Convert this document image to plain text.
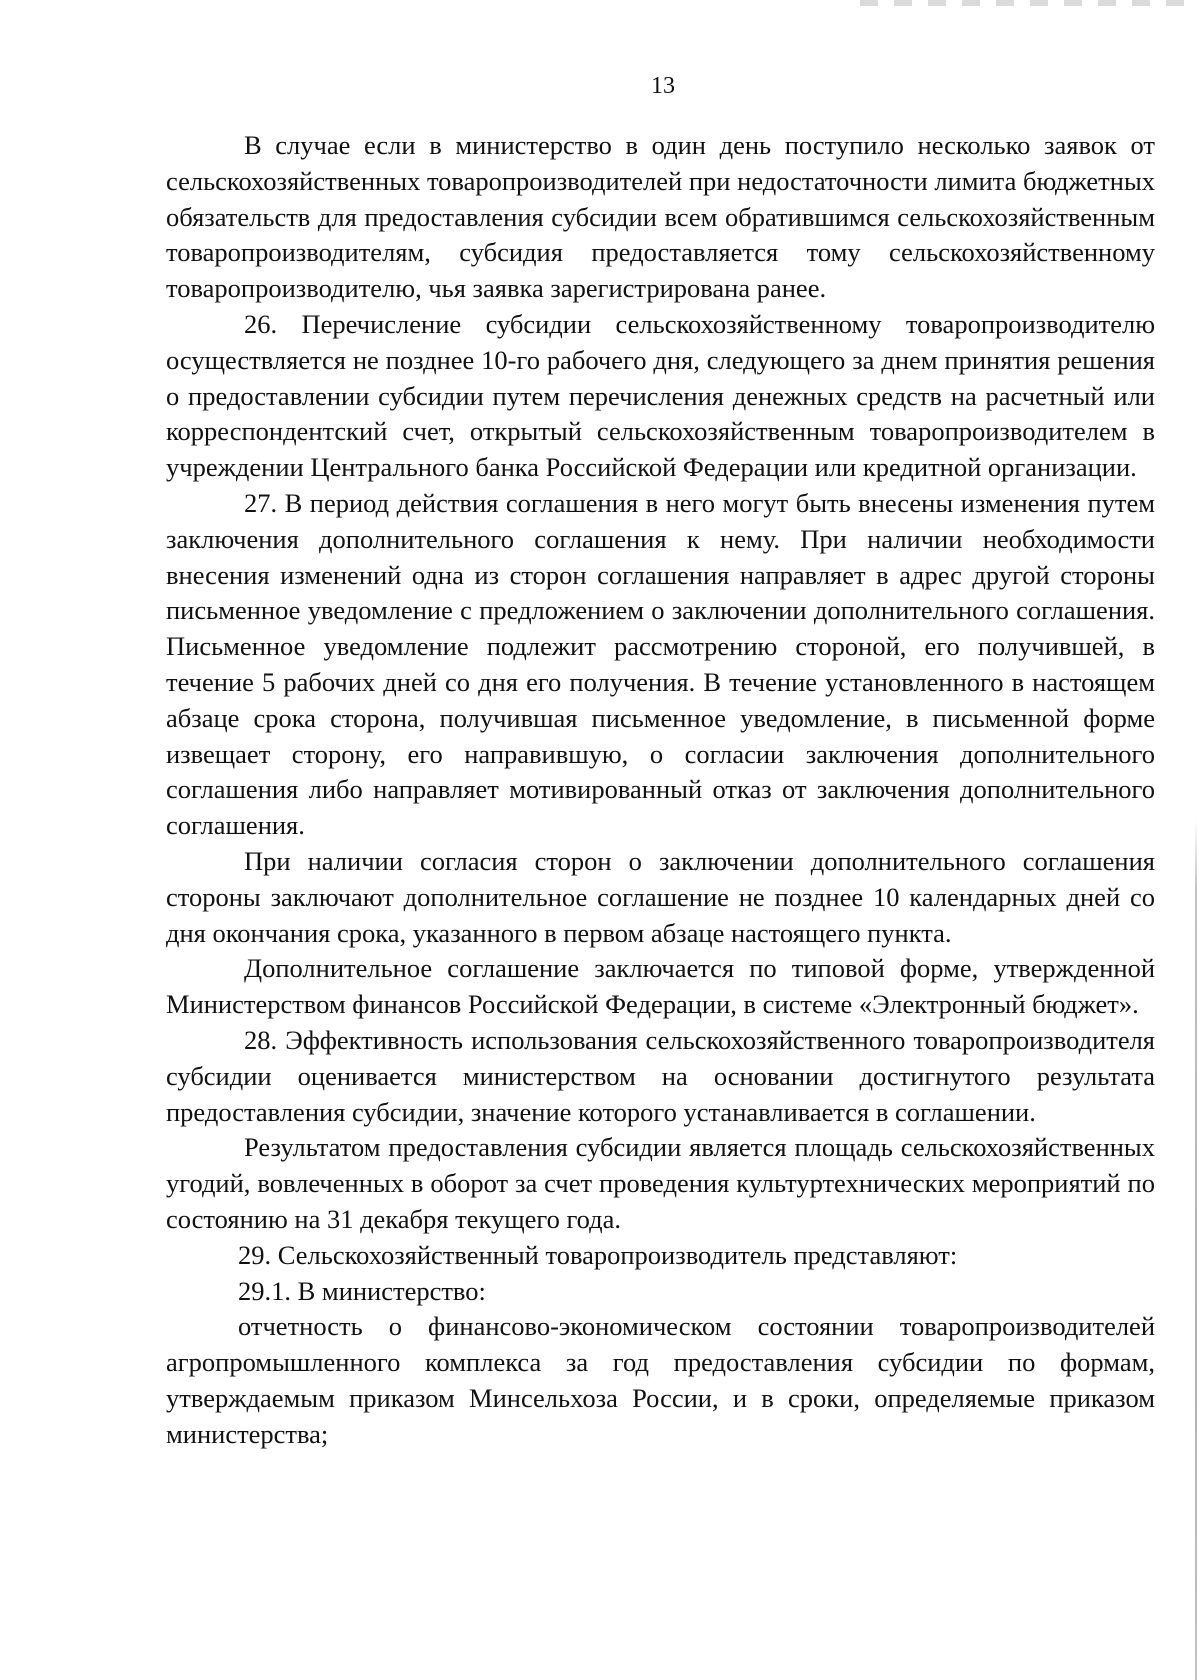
13

В случае если в министерство в один день поступило несколько заявок от сельскохозяйственных товаропроизводителей при недостаточности лимита бюджетных обязательств для предоставления субсидии всем обратившимся сельскохозяйственным товаропроизводителям, субсидия предоставляется тому сельскохозяйственному товаропроизводителю, чья заявка зарегистрирована ранее.

26. Перечисление субсидии сельскохозяйственному товаропроизводителю осуществляется не позднее 10-го рабочего дня, следующего за днем принятия решения о предоставлении субсидии путем перечисления денежных средств на расчетный или корреспондентский счет, открытый сельскохозяйственным товаропроизводителем в учреждении Центрального банка Российской Федерации или кредитной организации.

27. В период действия соглашения в него могут быть внесены изменения путем заключения дополнительного соглашения к нему. При наличии необходимости внесения изменений одна из сторон соглашения направляет в адрес другой стороны письменное уведомление с предложением о заключении дополнительного соглашения. Письменное уведомление подлежит рассмотрению стороной, его получившей, в течение 5 рабочих дней со дня его получения. В течение установленного в настоящем абзаце срока сторона, получившая письменное уведомление, в письменной форме извещает сторону, его направившую, о согласии заключения дополнительного соглашения либо направляет мотивированный отказ от заключения дополнительного соглашения.

При наличии согласия сторон о заключении дополнительного соглашения стороны заключают дополнительное соглашение не позднее 10 календарных дней со дня окончания срока, указанного в первом абзаце настоящего пункта.

Дополнительное соглашение заключается по типовой форме, утвержденной Министерством финансов Российской Федерации, в системе «Электронный бюджет».

28. Эффективность использования сельскохозяйственного товаропроизводителя субсидии оценивается министерством на основании достигнутого результата предоставления субсидии, значение которого устанавливается в соглашении.

Результатом предоставления субсидии является площадь сельскохозяйственных угодий, вовлеченных в оборот за счет проведения культуртехнических мероприятий по состоянию на 31 декабря текущего года.

29. Сельскохозяйственный товаропроизводитель представляют:

29.1. В министерство:

отчетность о финансово-экономическом состоянии товаропроизводителей агропромышленного комплекса за год предоставления субсидии по формам, утверждаемым приказом Минсельхоза России, и в сроки, определяемые приказом министерства;
